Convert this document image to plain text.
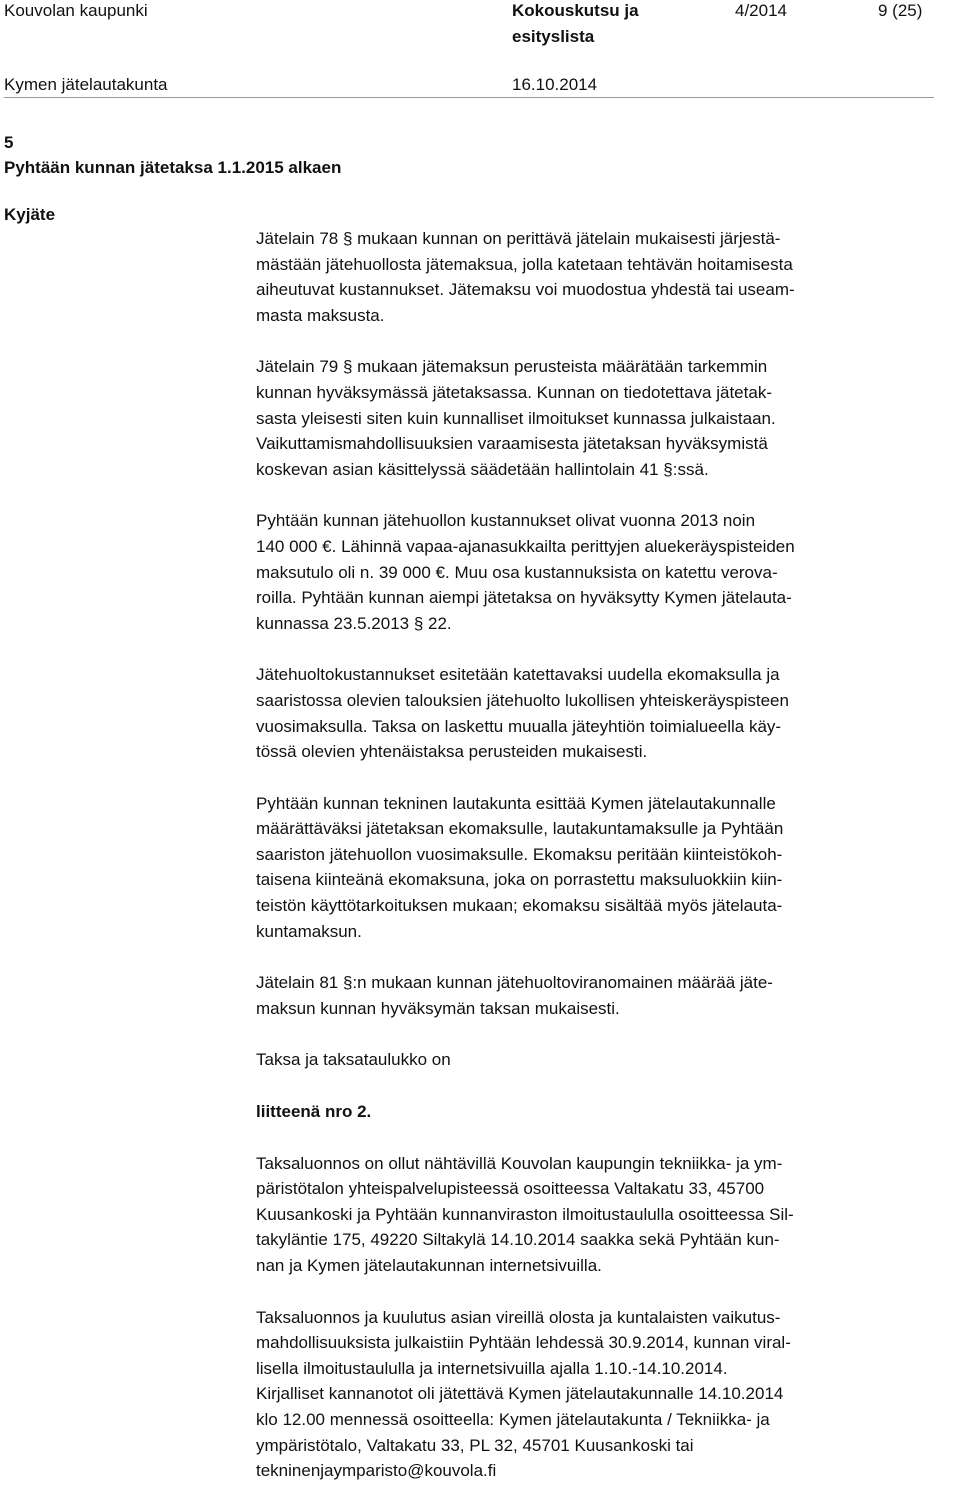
Kouvolan kaupunki	Kokouskutsu ja
esityslista
4/2014	9 (25)
Kymen jätelautakunta	16.10.2014
5
Pyhtään kunnan jätetaksa 1.1.2015 alkaen
Kyjäte

Jätelain 78 § mukaan kunnan on perittävä jätelain mukaisesti järjestä-
mästään jätehuollosta jätemaksua, jolla katetaan tehtävän hoitamisesta
aiheutuvat kustannukset. Jätemaksu voi muodostua yhdestä tai useam-
masta maksusta.

Jätelain 79 § mukaan jätemaksun perusteista määrätään tarkemmin
kunnan hyväksymässä jätetaksassa. Kunnan on tiedotettava jätetak-
sasta yleisesti siten kuin kunnalliset ilmoitukset kunnassa julkaistaan.
Vaikuttamismahdollisuuksien varaamisesta jätetaksan hyväksymistä
koskevan asian käsittelyssä säädetään hallintolain 41 §:ssä.

Pyhtään kunnan jätehuollon kustannukset olivat vuonna 2013 noin
140 000 €. Lähinnä vapaa-ajanasukkailta perittyjen aluekeräyspisteiden
maksutulo oli n. 39 000 €. Muu osa kustannuksista on katettu verova-
roilla. Pyhtään kunnan aiempi jätetaksa on hyväksytty Kymen jätelauta-
kunnassa 23.5.2013 § 22.

Jätehuoltokustannukset esitetään katettavaksi uudella ekomaksulla ja
saaristossa olevien talouksien jätehuolto lukollisen yhteiskeräyspisteen
vuosimaksulla. Taksa on laskettu muualla jäteyhtiön toimialueella käy-
tössä olevien yhtenäistaksa perusteiden mukaisesti.

Pyhtään kunnan tekninen lautakunta esittää Kymen jätelautakunnalle
määrättäväksi jätetaksan ekomaksulle, lautakuntamaksulle ja Pyhtään
saariston jätehuollon vuosimaksulle. Ekomaksu peritään kiinteistökoh-
taisena kiinteänä ekomaksuna, joka on porrastettu maksuluokkiin kiin-
teistön käyttötarkoituksen mukaan; ekomaksu sisältää myös jätelauta-
kuntamaksun.

Jätelain 81 §:n mukaan kunnan jätehuoltoviranomainen määrää jäte-
maksun kunnan hyväksymän taksan mukaisesti.

Taksa ja taksataulukko on

liitteenä nro 2.

Taksaluonnos on ollut nähtävillä Kouvolan kaupungin tekniikka- ja ym-
päristötalon yhteispalvelupisteessä osoitteessa Valtakatu 33, 45700
Kuusankoski ja Pyhtään kunnanviraston ilmoitustaululla osoitteessa Sil-
takyläntie 175, 49220 Siltakylä 14.10.2014 saakka sekä Pyhtään kun-
nan ja Kymen jätelautakunnan internetsivuilla.

Taksaluonnos ja kuulutus asian vireillä olosta ja kuntalaisten vaikutus-
mahdollisuuksista julkaistiin Pyhtään lehdessä 30.9.2014, kunnan viral-
lisella ilmoitustaululla ja internetsivuilla ajalla 1.10.-14.10.2014.
Kirjalliset kannanotot oli jätettävä Kymen jätelautakunnalle 14.10.2014
klo 12.00 mennessä osoitteella: Kymen jätelautakunta / Tekniikka- ja
ympäristötalo, Valtakatu 33, PL 32, 45701 Kuusankoski tai
tekninenjaymparisto@kouvola.fi
